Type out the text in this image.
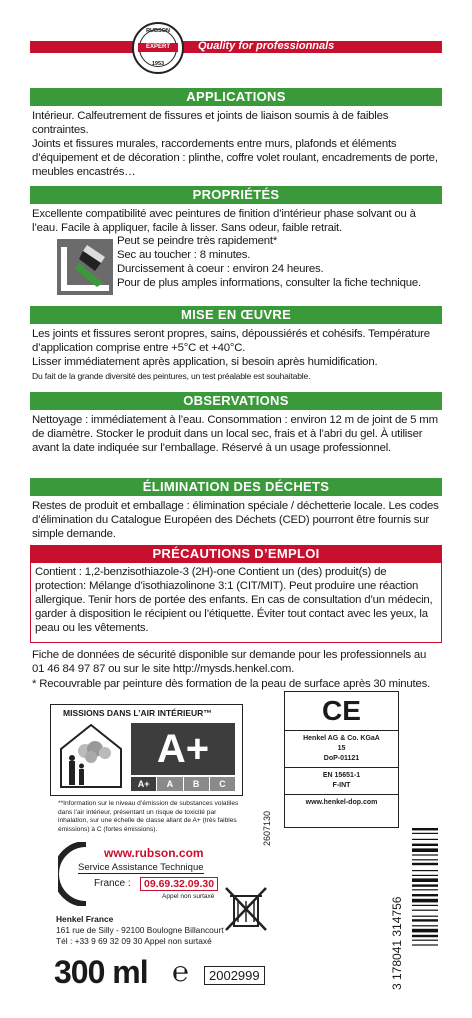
Quality for professionnals
RUBSON
EXPERT
1953
APPLICATIONS
Intérieur. Calfeutrement de fissures et joints de liaison soumis à de faibles contraintes.
Joints et fissures murales, raccordements entre murs, plafonds et éléments d’équipement et de décoration : plinthe, coffre volet roulant, encadrements de porte, meubles encastrés…
PROPRIÉTÉS
Excellente compatibilité avec peintures de finition d’intérieur phase solvant ou à l’eau. Facile à appliquer, facile à lisser. Sans odeur, faible retrait.
Peut se peindre très rapidement*
Sec au toucher : 8 minutes.
Durcissement à coeur : environ 24 heures.
Pour de plus amples informations, consulter la fiche technique.
MISE EN ŒUVRE
Les joints et fissures seront propres, sains, dépoussiérés et cohésifs. Température d’application comprise entre +5°C et +40°C.
Lisser immédiatement après application, si besoin après humidification.
Du fait de la grande diversité des peintures, un test préalable est souhaitable.
OBSERVATIONS
Nettoyage : immédiatement à l’eau. Consommation : environ 12 m de joint de 5 mm de diamètre. Stocker le produit dans un local sec, frais et à l’abri du gel. À utiliser avant la date indiquée sur l’emballage. Réservé à un usage professionnel.
ÉLIMINATION DES DÉCHETS
Restes de produit et emballage : élimination spéciale / déchetterie locale. Les codes d’élimination du Catalogue Européen des Déchets (CED) pourront être fournis sur simple demande.
PRÉCAUTIONS D’EMPLOI
Contient : 1,2-benzisothiazole-3 (2H)-one Contient un (des) produit(s) de protection: Mélange d’isothiazolinone 3:1 (CIT/MIT). Peut produire une réaction allergique. Tenir hors de portée des enfants. En cas de consultation d’un médecin, garder à disposition le récipient ou l’étiquette. Éviter tout contact avec les yeux, la peau ou les vêtements.
Fiche de données de sécurité disponible sur demande pour les professionnels au 01 46 84 97 87 ou sur le site http://mysds.henkel.com.
* Recouvrable par peinture dès formation de la peau de surface après 30 minutes.
MISSIONS DANS L’AIR INTÉRIEUR™
A+
A+	A	B	C
**Information sur le niveau d’émission de substances volatiles dans l’air intérieur, présentant un risque de toxicité par inhalation, sur une échelle de classe allant de A+ (très faibles émissions) à C (fortes émissions).
CE
Henkel AG & Co. KGaA
15
DoP-01121
EN 15651-1
F-INT
www.henkel-dop.com
2607130
www.rubson.com
Service Assistance Technique
France :	09.69.32.09.30
Appel non surtaxé
Henkel France
161 rue de Silly - 92100 Boulogne Billancourt
Tél : +33 9 69 32 09 30 Appel non surtaxé
300 ml ℮	2002999	3 178041 314756
